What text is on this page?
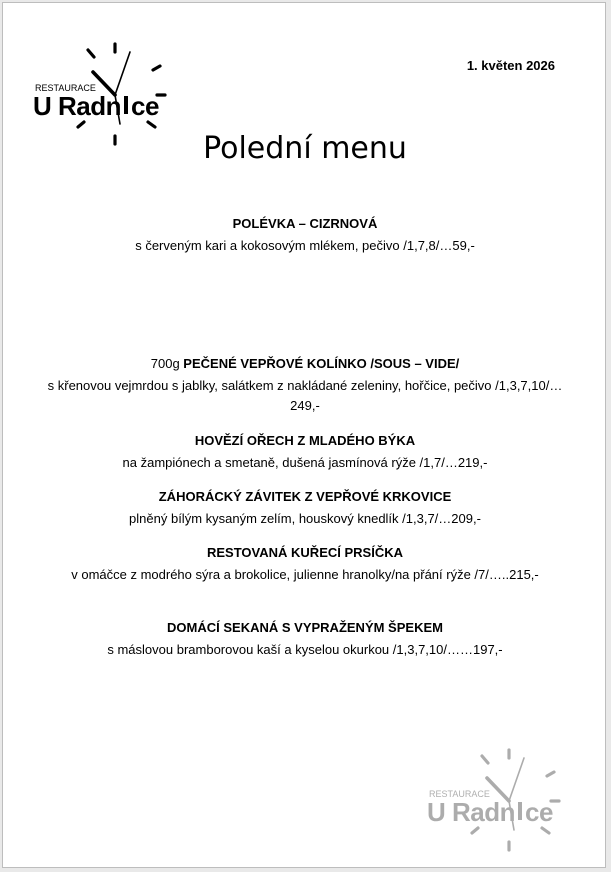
RESTAURACE
U Radn ce
1. květen 2026
Polední menu
POLÉVKA – CIZRNOVÁ
s červeným kari a kokosovým mlékem, pečivo /1,7,8/…59,-
700g PEČENÉ VEPŘOVÉ KOLÍNKO /SOUS – VIDE/
s křenovou vejmrdou s jablky, salátkem z nakládané zeleniny, hořčice, pečivo /1,3,7,10/…249,-
HOVĚZÍ OŘECH Z MLADÉHO BÝKA
na žampiónech a smetaně, dušená jasmínová rýže /1,7/…219,-
ZÁHORÁCKÝ ZÁVITEK Z VEPŘOVÉ KRKOVICE
plněný bílým kysaným zelím, houskový knedlík /1,3,7/…209,-
RESTOVANÁ KUŘECÍ PRSÍČKA
v omáčce z modrého sýra a brokolice, julienne hranolky/na přání rýže /7/…..215,-
DOMÁCÍ SEKANÁ S VYPRAŽENÝM ŠPEKEM
s máslovou bramborovou kaší a kyselou okurkou /1,3,7,10/……197,-
RESTAURACE
U Radn ce
